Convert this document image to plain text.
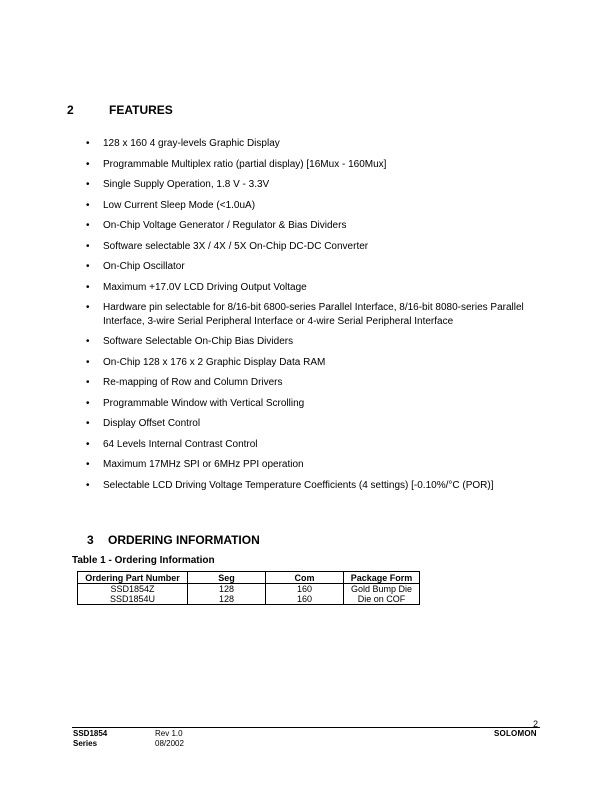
2	FEATURES
• 128 x 160 4 gray-levels Graphic Display
• Programmable Multiplex ratio (partial display) [16Mux - 160Mux]
• Single Supply Operation, 1.8 V - 3.3V
• Low Current Sleep Mode (<1.0uA)
• On-Chip Voltage Generator / Regulator & Bias Dividers
• Software selectable 3X / 4X / 5X On-Chip DC-DC Converter
• On-Chip Oscillator
• Maximum +17.0V LCD Driving Output Voltage
• Hardware pin selectable for 8/16-bit 6800-series Parallel Interface, 8/16-bit 8080-series Parallel Interface, 3-wire Serial Peripheral Interface or 4-wire Serial Peripheral Interface
• Software Selectable On-Chip Bias Dividers
• On-Chip 128 x 176 x 2 Graphic Display Data RAM
• Re-mapping of Row and Column Drivers
• Programmable Window with Vertical Scrolling
• Display Offset Control
• 64 Levels Internal Contrast Control
• Maximum 17MHz SPI or 6MHz PPI operation
• Selectable LCD Driving Voltage Temperature Coefficients (4 settings) [-0.10%/°C (POR)]
3 ORDERING INFORMATION
Table 1 - Ordering Information
Ordering Part Number	Seg	Com	Package Form
SSD1854Z	128	160	Gold Bump Die
SSD1854U	128	160	Die on COF
2
SSD1854
Series
Rev 1.0
08/2002
SOLOMON
